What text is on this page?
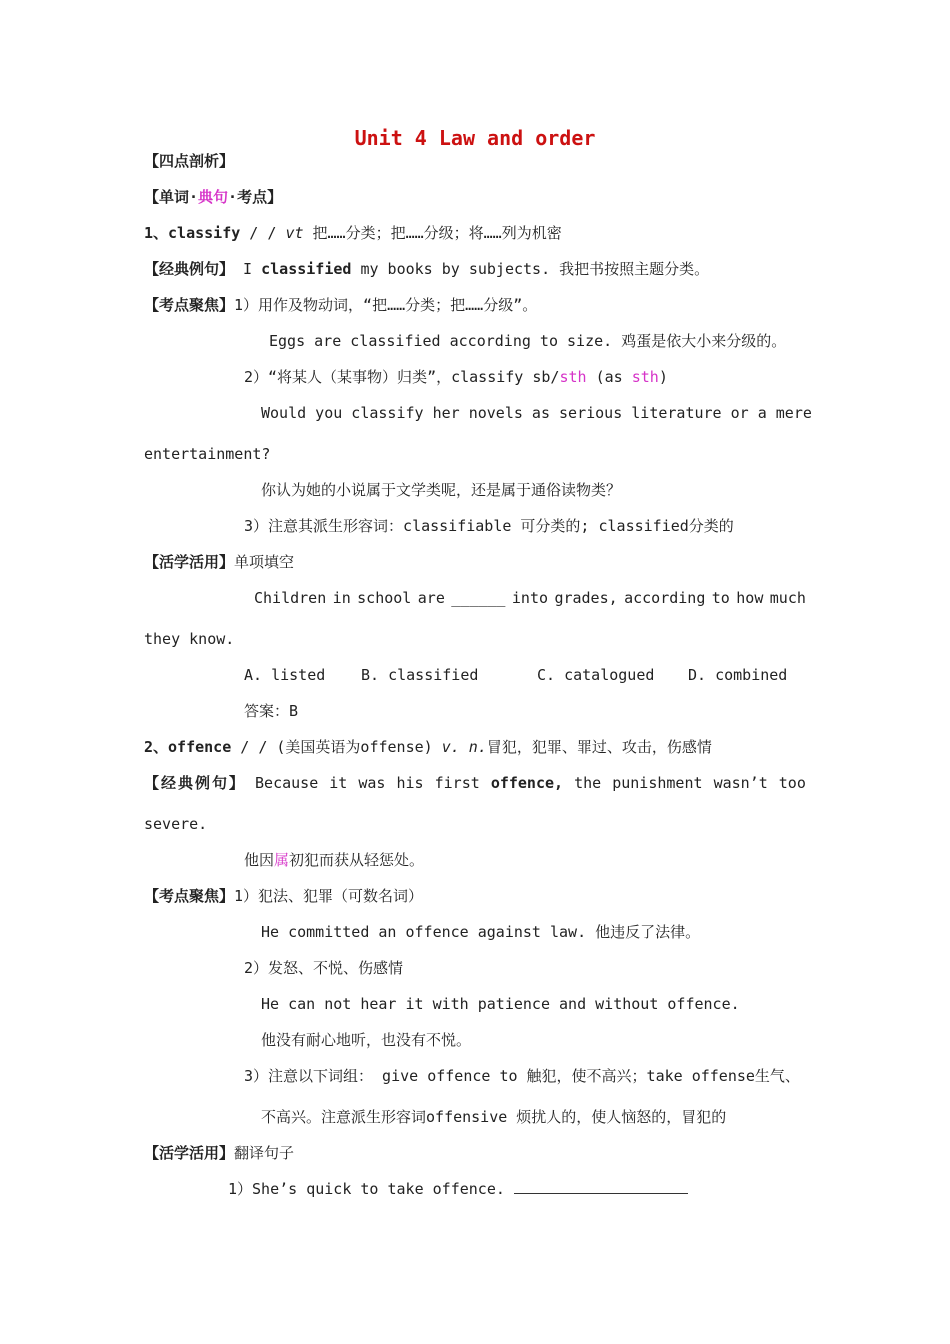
Unit 4 Law and order
【四点剖析】
【单词·典句·考点】
1、classify / / vt 把……分类；把……分级；将……列为机密
【经典例句】 I classified my books by subjects. 我把书按照主题分类。
【考点聚焦】1）用作及物动词，“把……分类；把……分级”。
Eggs are classified according to size. 鸡蛋是依大小来分级的。
2）“将某人（某事物）归类”，classify sb/sth (as sth)
Would you classify her novels as serious literature or a mere
entertainment?
你认为她的小说属于文学类呢，还是属于通俗读物类？
3）注意其派生形容词：classifiable 可分类的; classified分类的
【活学活用】单项填空
Children in school are ______ into grades, according to how much
they know.
A. listed B. classified	C. catalogued D. combined
答案：B
2、offence / / (美国英语为offense) v. n.冒犯，犯罪、罪过、攻击，伤感情
【 经 典 例 句 】 Because it was his first offence, the punishment wasn’t too
severe.
他因属初犯而获从轻惩处。
【考点聚焦】1）犯法、犯罪（可数名词）
He committed an offence against law. 他违反了法律。
2）发怒、不悦、伤感情
He can not hear it with patience and without offence.
他没有耐心地听，也没有不悦。
3）注意以下词组： give offence to 触犯，使不高兴；take offense生气、
不高兴。注意派生形容词offensive 烦扰人的，使人恼怒的，冒犯的
【活学活用】翻译句子
1）She’s quick to take offence.
